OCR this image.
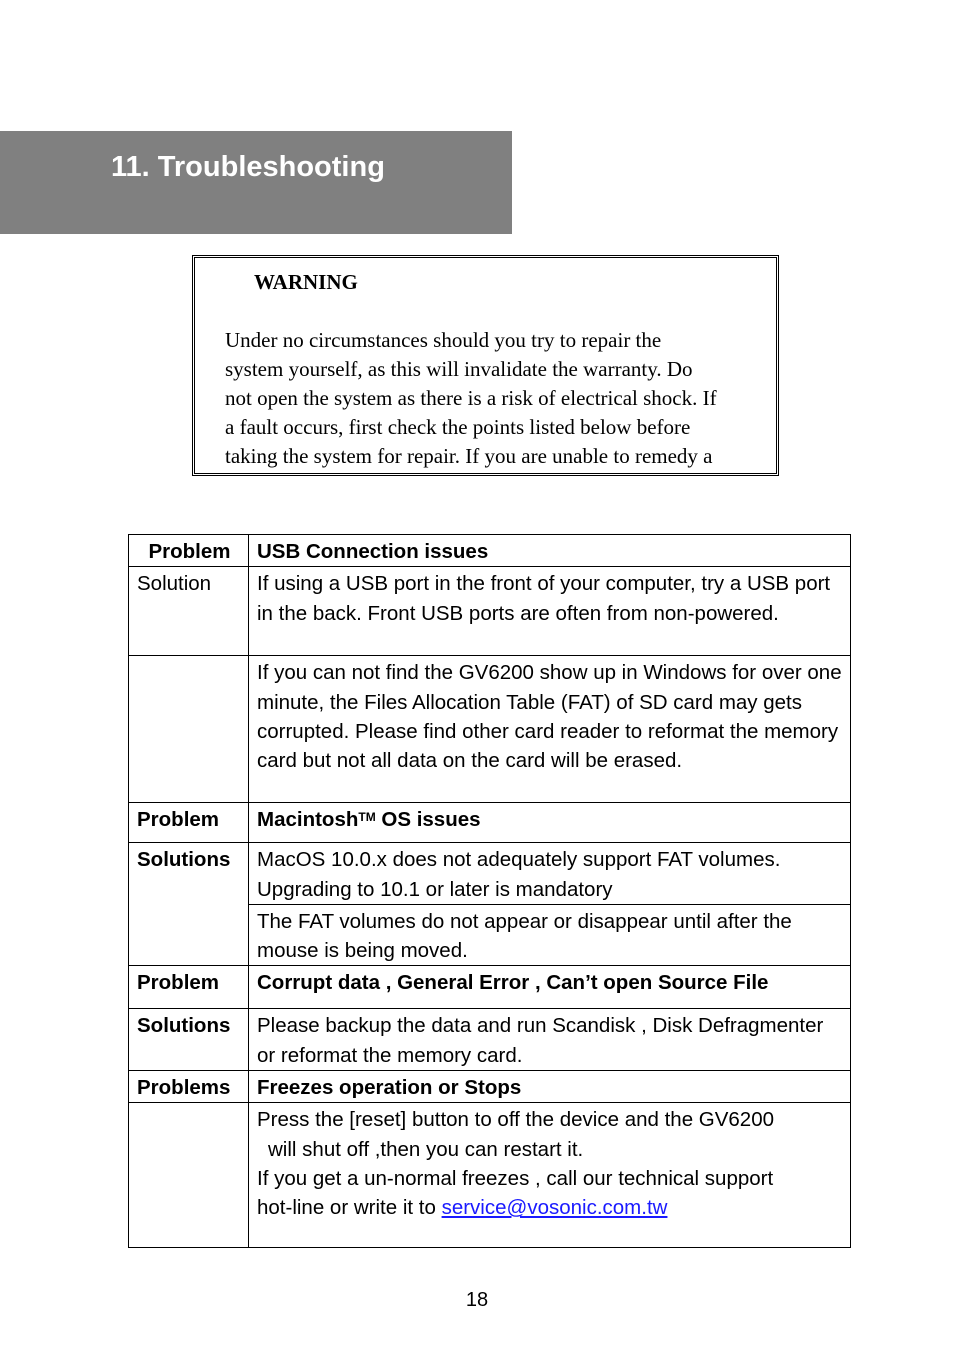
11. Troubleshooting
WARNING
Under no circumstances should you try to repair the
system yourself, as this will invalidate the warranty. Do
not open the system as there is a risk of electrical shock. If
a fault occurs, first check the points listed below before
taking the system for repair. If you are unable to remedy a
Problem	USB Connection issues
Solution	If using a USB port in the front of your computer, try a USB port in the back. Front USB ports are often from non-powered.
	If you can not find the GV6200 show up in Windows for over one minute, the Files Allocation Table (FAT) of SD card may gets corrupted. Please find other card reader to reformat the memory card but not all data on the card will be erased.
Problem	Macintosh™ OS issues
Solutions	MacOS 10.0.x does not adequately support FAT volumes. Upgrading to 10.1 or later is mandatory
	The FAT volumes do not appear or disappear until after the mouse is being moved.
Problem	Corrupt data , General Error , Can’t open Source File
Solutions	Please backup the data and run Scandisk , Disk Defragmenter or reformat the memory card.
Problems	Freezes operation or Stops

	Press the [reset] button to off the device and the GV6200
will shut off ,then you can restart it.
If you get a un-normal freezes , call our technical support
hot-line or write it to service@vosonic.com.tw
18
